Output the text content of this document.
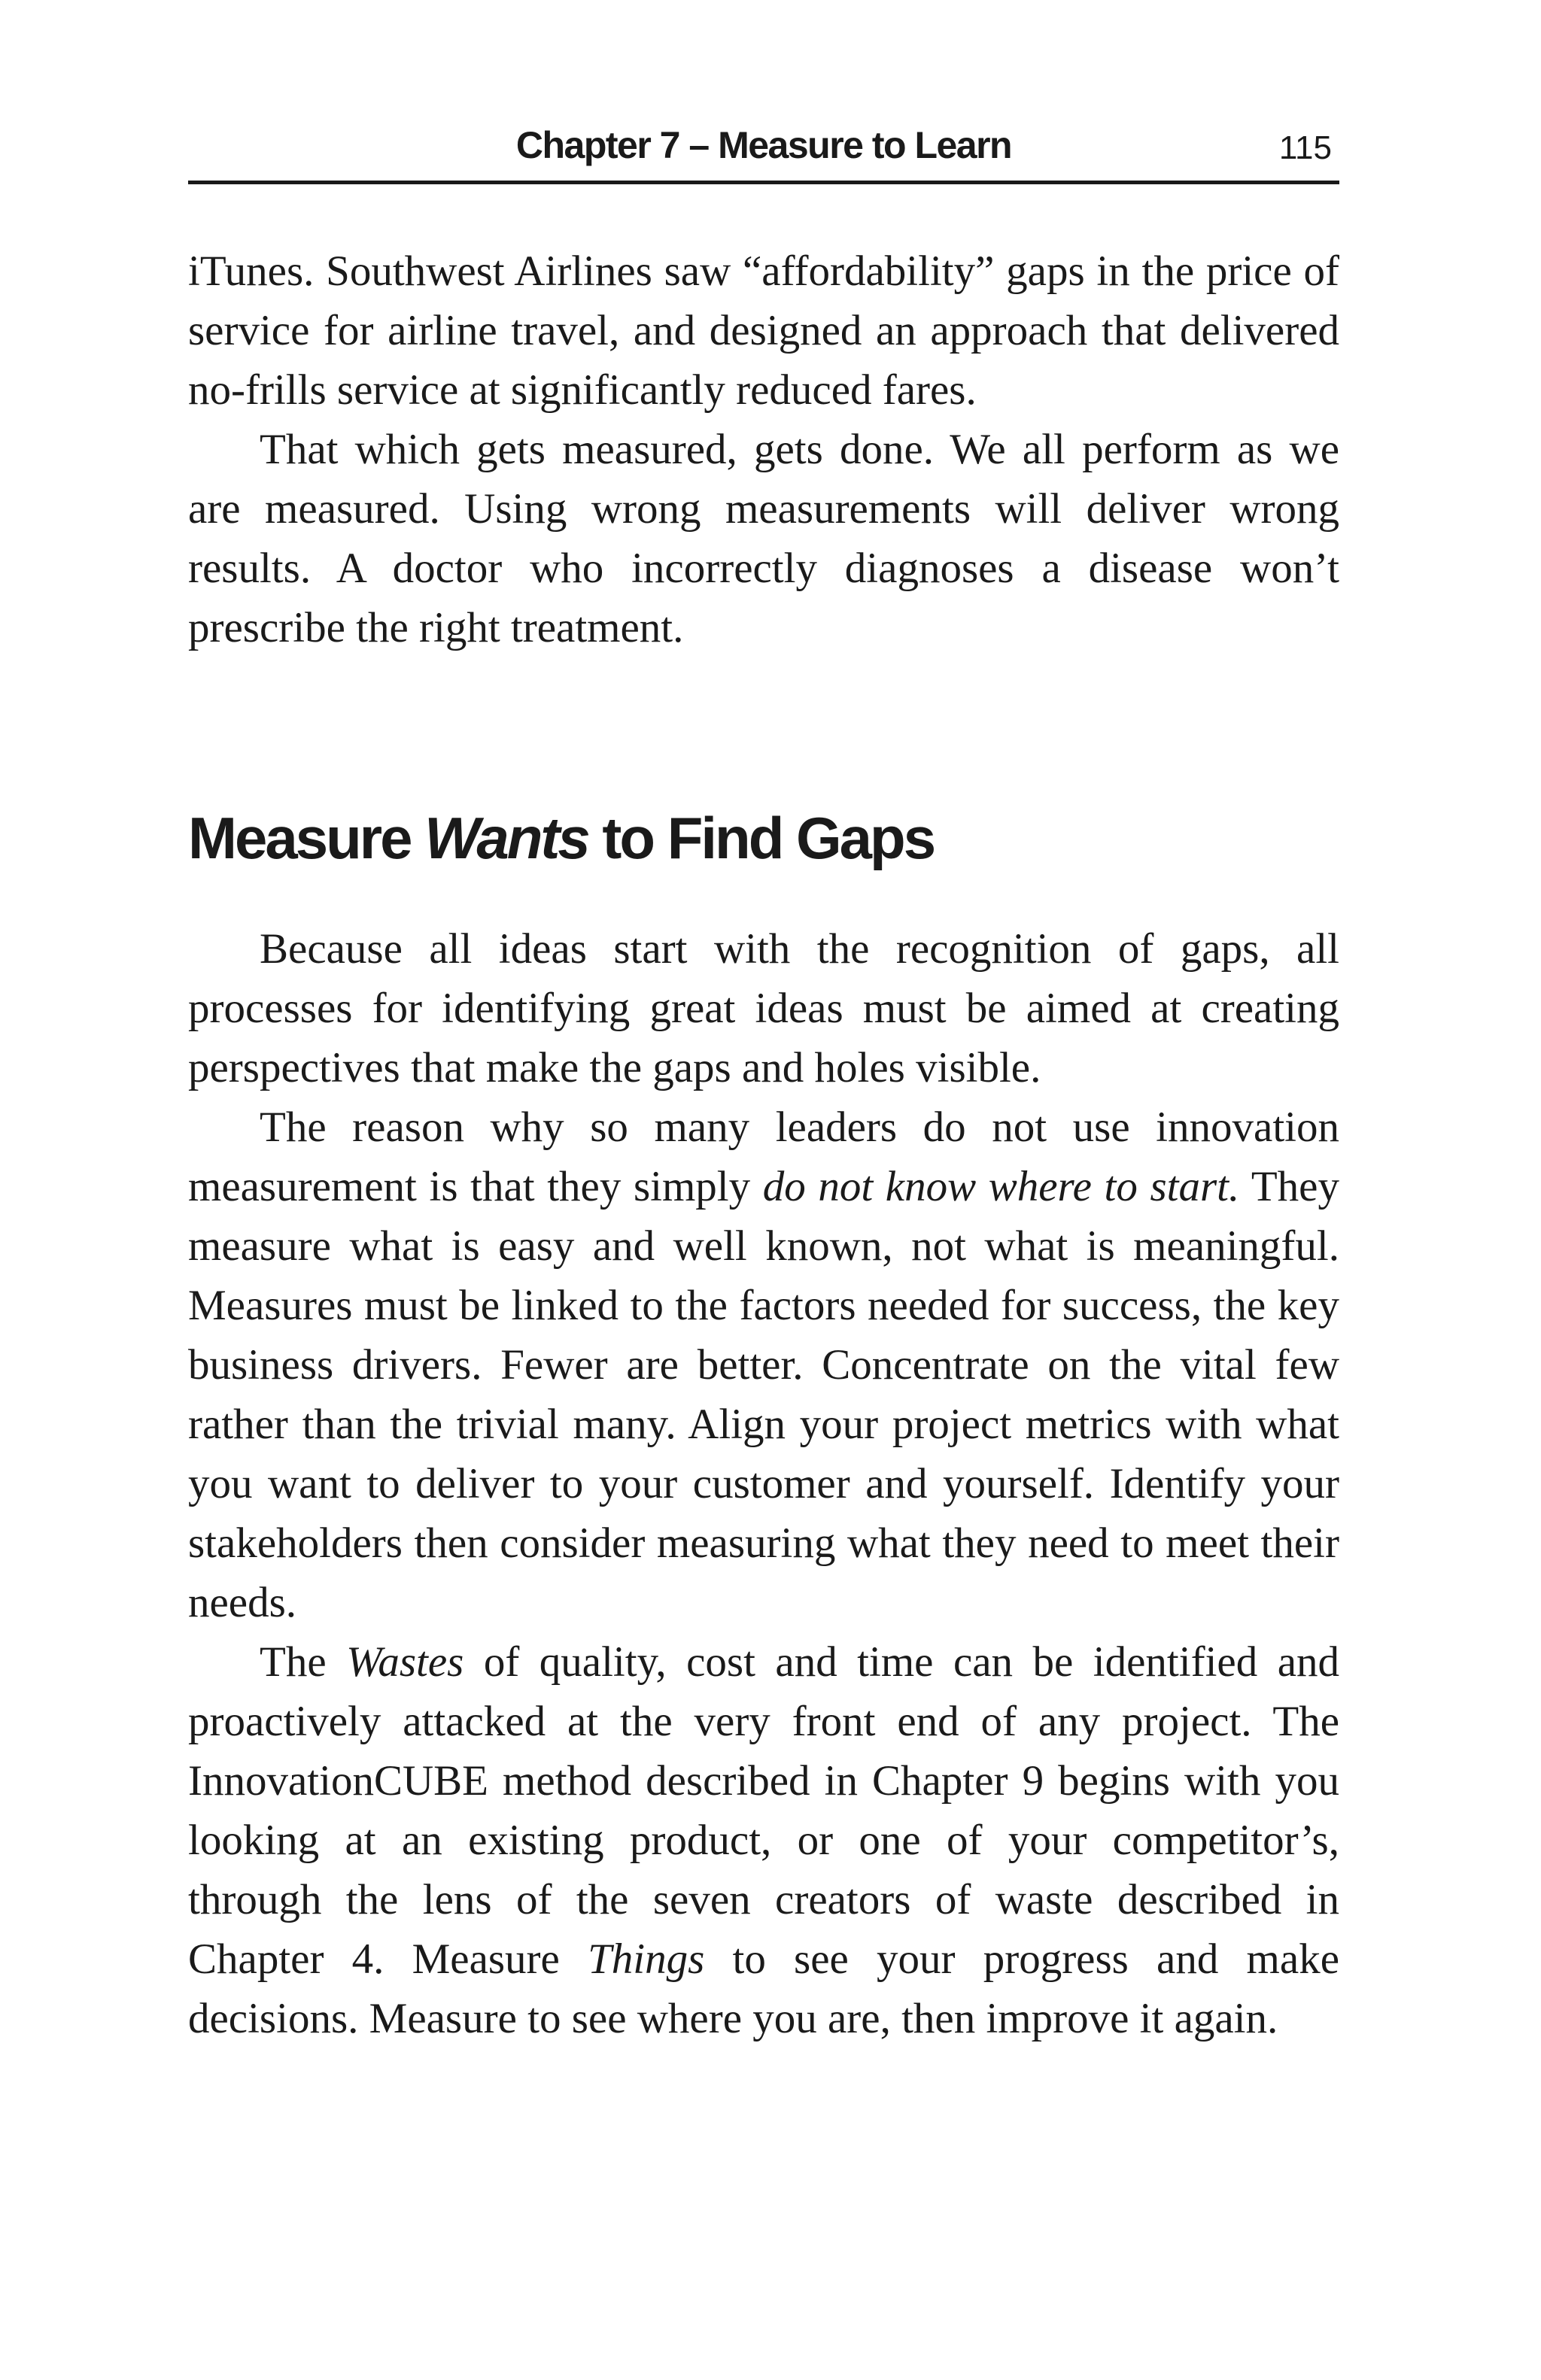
Chapter 7 – Measure to Learn	115

iTunes. Southwest Airlines saw “affordability” gaps in the price of service for airline travel, and designed an approach that delivered no-frills service at significantly reduced fares.

That which gets measured, gets done. We all perform as we are measured. Using wrong measurements will deliver wrong results. A doctor who incorrectly diagnoses a disease won’t prescribe the right treatment.

Measure Wants to Find Gaps

Because all ideas start with the recognition of gaps, all processes for identifying great ideas must be aimed at creating perspectives that make the gaps and holes visible.

The reason why so many leaders do not use innovation measurement is that they simply do not know where to start. They measure what is easy and well known, not what is meaningful. Measures must be linked to the factors needed for success, the key business drivers. Fewer are better. Concentrate on the vital few rather than the trivial many. Align your project metrics with what you want to deliver to your customer and yourself. Identify your stakeholders then consider measuring what they need to meet their needs.

The Wastes of quality, cost and time can be identified and proactively attacked at the very front end of any project. The InnovationCUBE method described in Chapter 9 begins with you looking at an existing product, or one of your competitor’s, through the lens of the seven creators of waste described in Chapter 4. Measure Things to see your progress and make decisions. Measure to see where you are, then improve it again.
